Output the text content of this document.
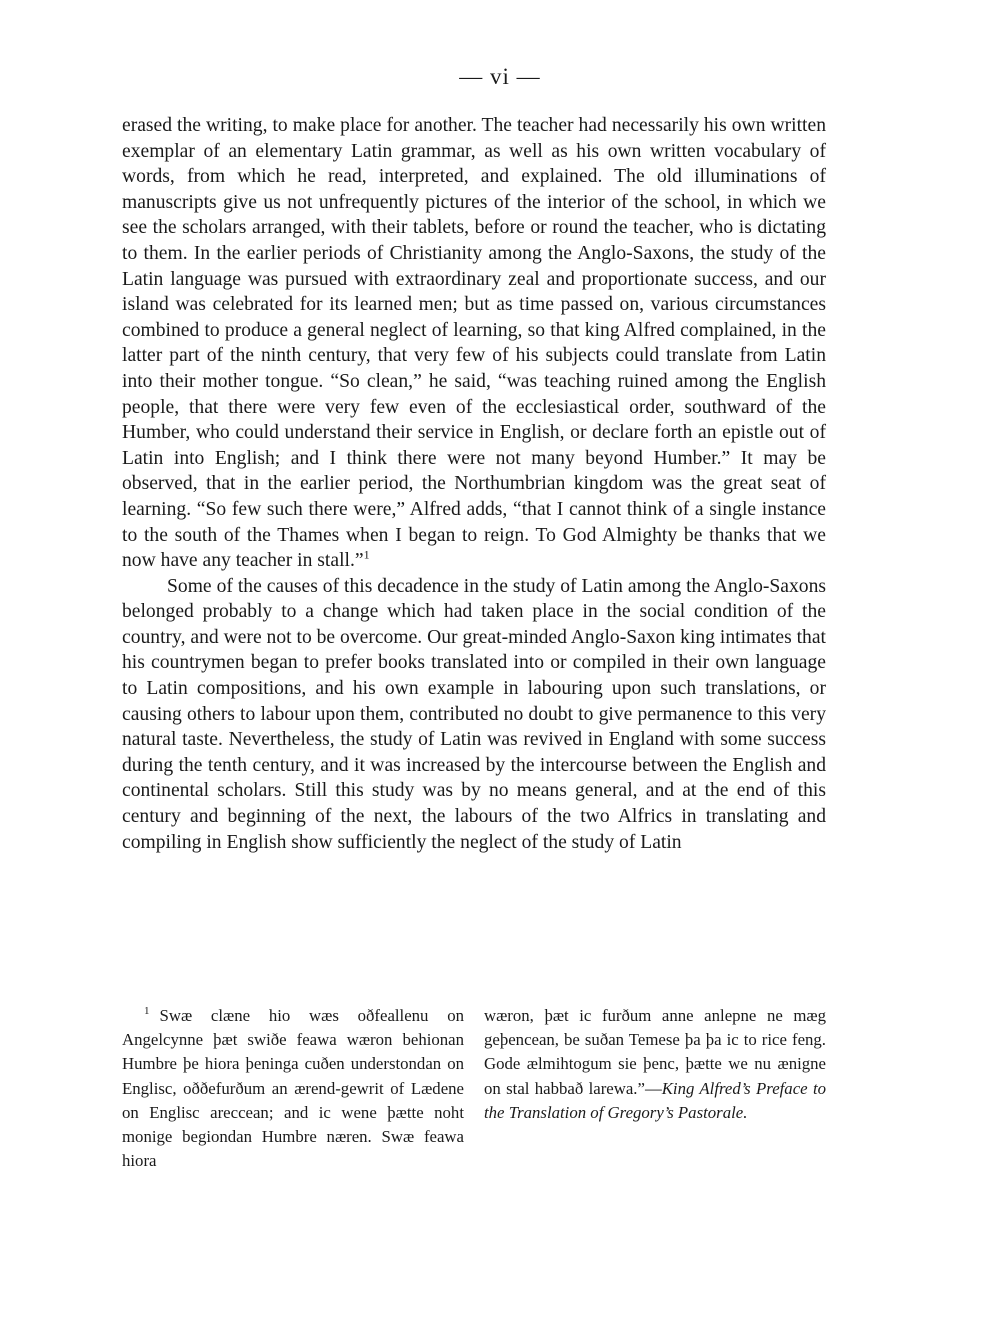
— vi —

erased the writing, to make place for another. The teacher had necessarily his own written exemplar of an elementary Latin grammar, as well as his own written vocabulary of words, from which he read, interpreted, and explained. The old illuminations of manuscripts give us not unfrequently pictures of the interior of the school, in which we see the scholars arranged, with their tablets, before or round the teacher, who is dictating to them. In the earlier periods of Christianity among the Anglo-Saxons, the study of the Latin language was pursued with extraordinary zeal and proportionate success, and our island was celebrated for its learned men; but as time passed on, various circumstances combined to produce a general neglect of learning, so that king Alfred complained, in the latter part of the ninth century, that very few of his subjects could translate from Latin into their mother tongue. “So clean,” he said, “was teaching ruined among the English people, that there were very few even of the ecclesiastical order, southward of the Humber, who could understand their service in English, or declare forth an epistle out of Latin into English; and I think there were not many beyond Humber.” It may be observed, that in the earlier period, the Northumbrian kingdom was the great seat of learning. “So few such there were,” Alfred adds, “that I cannot think of a single instance to the south of the Thames when I began to reign. To God Almighty be thanks that we now have any teacher in stall.”$^1$

Some of the causes of this decadence in the study of Latin among the Anglo-Saxons belonged probably to a change which had taken place in the social condition of the country, and were not to be overcome. Our great-minded Anglo-Saxon king intimates that his countrymen began to prefer books translated into or compiled in their own language to Latin compositions, and his own example in labouring upon such translations, or causing others to labour upon them, contributed no doubt to give permanence to this very natural taste. Nevertheless, the study of Latin was revived in England with some success during the tenth century, and it was increased by the intercourse between the English and continental scholars. Still this study was by no means general, and at the end of this century and beginning of the next, the labours of the two Alfrics in translating and compiling in English show sufficiently the neglect of the study of Latin

$^1$ Swæ clæne hio wæs oðfeallenu on Angelcynne þæt swiðe feawa wæron behionan Humbre þe hiora þeninga cuðen understondan on Englisc, oððefurðum an ærend-gewrit of Lædene on Englisc areccean; and ic wene þætte noht monige begiondan Humbre næren. Swæ feawa hiora

wæron, þæt ic furðum anne anlepne ne mæg geþencean, be suðan Temese þa þa ic to rice feng. Gode ælmihtogum sie þenc, þætte we nu ænigne on stal habbað larewa.”—King Alfred’s Preface to the Translation of Gregory’s Pastorale.
